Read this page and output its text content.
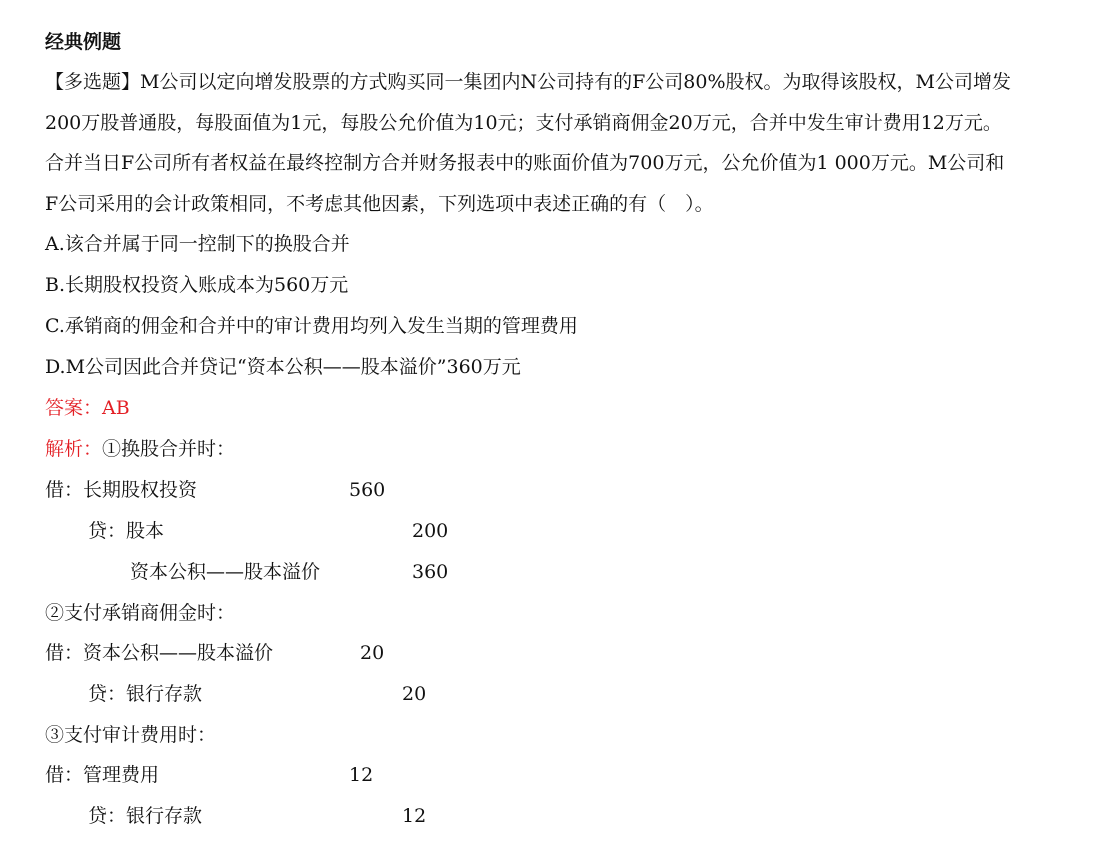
经典例题
【多选题】M公司以定向增发股票的方式购买同一集团内N公司持有的F公司80%股权。为取得该股权，M公司增发
200万股普通股，每股面值为1元，每股公允价值为10元；支付承销商佣金20万元，合并中发生审计费用12万元。
合并当日F公司所有者权益在最终控制方合并财务报表中的账面价值为700万元，公允价值为1 000万元。M公司和
F公司采用的会计政策相同，不考虑其他因素，下列选项中表述正确的有（　）。
A.该合并属于同一控制下的换股合并
B.长期股权投资入账成本为560万元
C.承销商的佣金和合并中的审计费用均列入发生当期的管理费用
D.M公司因此合并贷记“资本公积——股本溢价”360万元
答案：AB
解析：①换股合并时：
借：长期股权投资	560
贷：股本	200
资本公积——股本溢价	360
②支付承销商佣金时：
借：资本公积——股本溢价	20
贷：银行存款	20
③支付审计费用时：
借：管理费用	12
贷：银行存款	12
